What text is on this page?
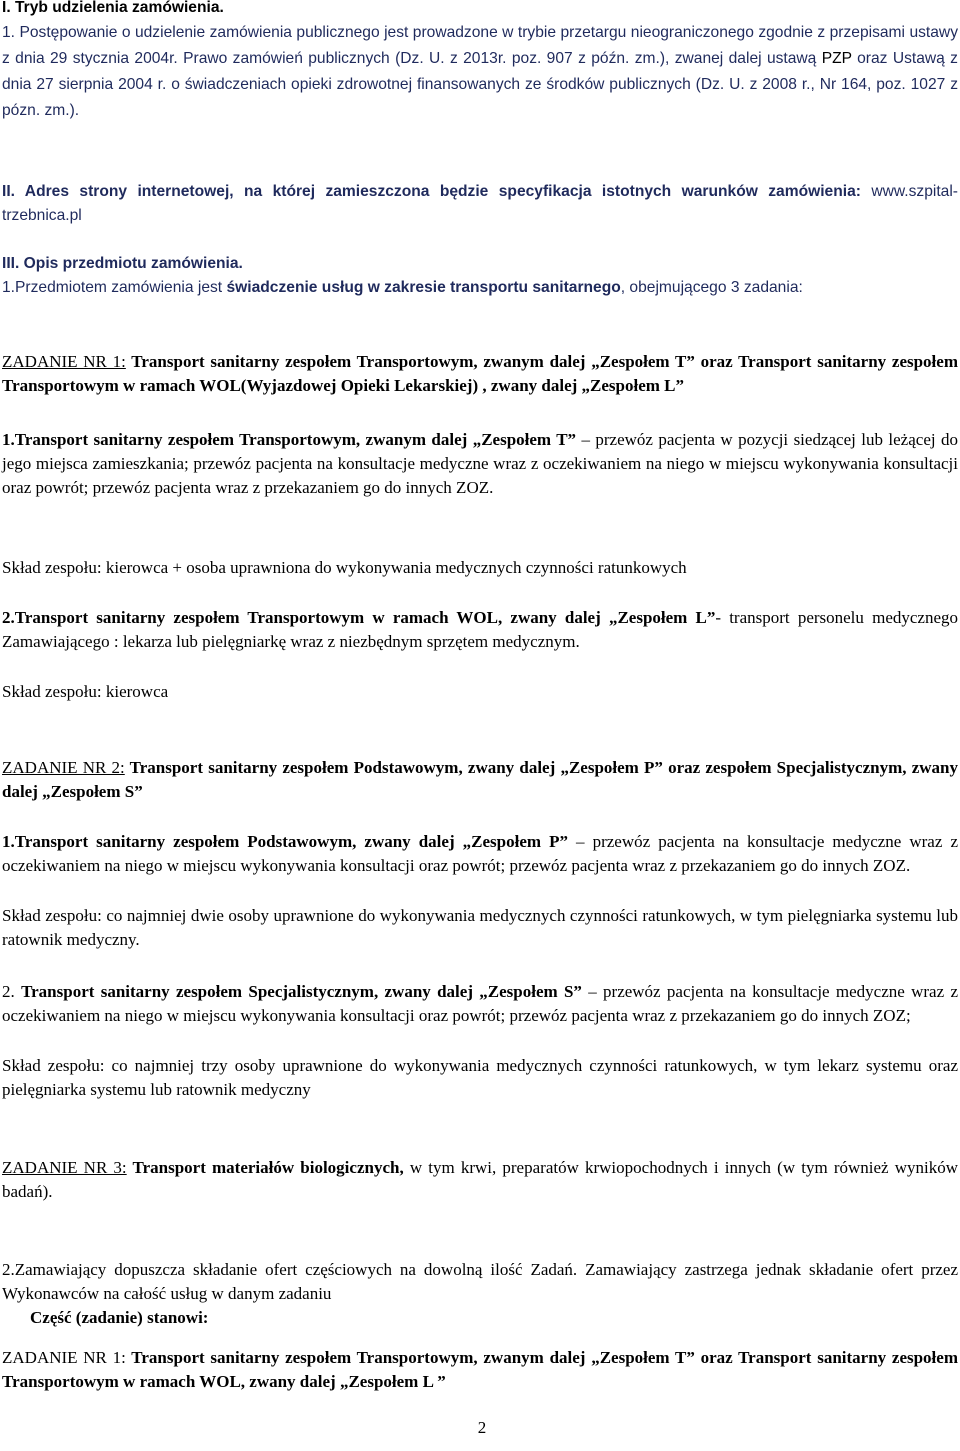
I. Tryb udzielenia zamówienia.

1. Postępowanie o udzielenie zamówienia publicznego jest prowadzone w trybie przetargu nieograniczonego zgodnie z przepisami ustawy z dnia 29 stycznia 2004r. Prawo zamówień publicznych (Dz. U. z 2013r. poz. 907 z późn. zm.), zwanej dalej ustawą PZP oraz Ustawą z dnia 27 sierpnia 2004 r. o świadczeniach opieki zdrowotnej finansowanych ze środków publicznych (Dz. U. z 2008 r., Nr 164, poz. 1027 z pózn. zm.).

II. Adres strony internetowej, na której zamieszczona będzie specyfikacja istotnych warunków zamówienia: www.szpital-trzebnica.pl

III. Opis przedmiotu zamówienia.

1.Przedmiotem zamówienia jest świadczenie usług w zakresie transportu sanitarnego, obejmującego 3 zadania:

ZADANIE NR 1: Transport sanitarny zespołem Transportowym, zwanym dalej „Zespołem T” oraz Transport sanitarny zespołem Transportowym w ramach WOL(Wyjazdowej Opieki Lekarskiej) , zwany dalej „Zespołem L”

1.Transport sanitarny zespołem Transportowym, zwanym dalej „Zespołem T” – przewóz pacjenta w pozycji siedzącej lub leżącej do jego miejsca zamieszkania; przewóz pacjenta na konsultacje medyczne wraz z oczekiwaniem na niego w miejscu wykonywania konsultacji oraz powrót; przewóz pacjenta wraz z przekazaniem go do innych ZOZ.

Skład zespołu: kierowca + osoba uprawniona do wykonywania medycznych czynności ratunkowych

2.Transport sanitarny zespołem Transportowym w ramach WOL, zwany dalej „Zespołem L”- transport personelu medycznego Zamawiającego : lekarza lub pielęgniarkę wraz z niezbędnym sprzętem medycznym.

Skład zespołu: kierowca

ZADANIE NR 2: Transport sanitarny zespołem Podstawowym, zwany dalej „Zespołem P” oraz zespołem Specjalistycznym, zwany dalej „Zespołem S”

1.Transport sanitarny zespołem Podstawowym, zwany dalej „Zespołem P” – przewóz pacjenta na konsultacje medyczne wraz z oczekiwaniem na niego w miejscu wykonywania konsultacji oraz powrót; przewóz pacjenta wraz z przekazaniem go do innych ZOZ.

Skład zespołu: co najmniej dwie osoby uprawnione do wykonywania medycznych czynności ratunkowych, w tym pielęgniarka systemu lub ratownik medyczny.

2. Transport sanitarny zespołem Specjalistycznym, zwany dalej „Zespołem S” – przewóz pacjenta na konsultacje medyczne wraz z oczekiwaniem na niego w miejscu wykonywania konsultacji oraz powrót; przewóz pacjenta wraz z przekazaniem go do innych ZOZ;

Skład zespołu: co najmniej trzy osoby uprawnione do wykonywania medycznych czynności ratunkowych, w tym lekarz systemu oraz pielęgniarka systemu lub ratownik medyczny

ZADANIE NR 3: Transport materiałów biologicznych, w tym krwi, preparatów krwiopochodnych i innych (w tym również wyników badań).

2.Zamawiający dopuszcza składanie ofert częściowych na dowolną ilość Zadań. Zamawiający zastrzega jednak składanie ofert przez Wykonawców na całość usług w danym zadaniu

Część (zadanie) stanowi:

ZADANIE NR 1: Transport sanitarny zespołem Transportowym, zwanym dalej „Zespołem T” oraz Transport sanitarny zespołem Transportowym w ramach WOL, zwany dalej „Zespołem L ”

2
